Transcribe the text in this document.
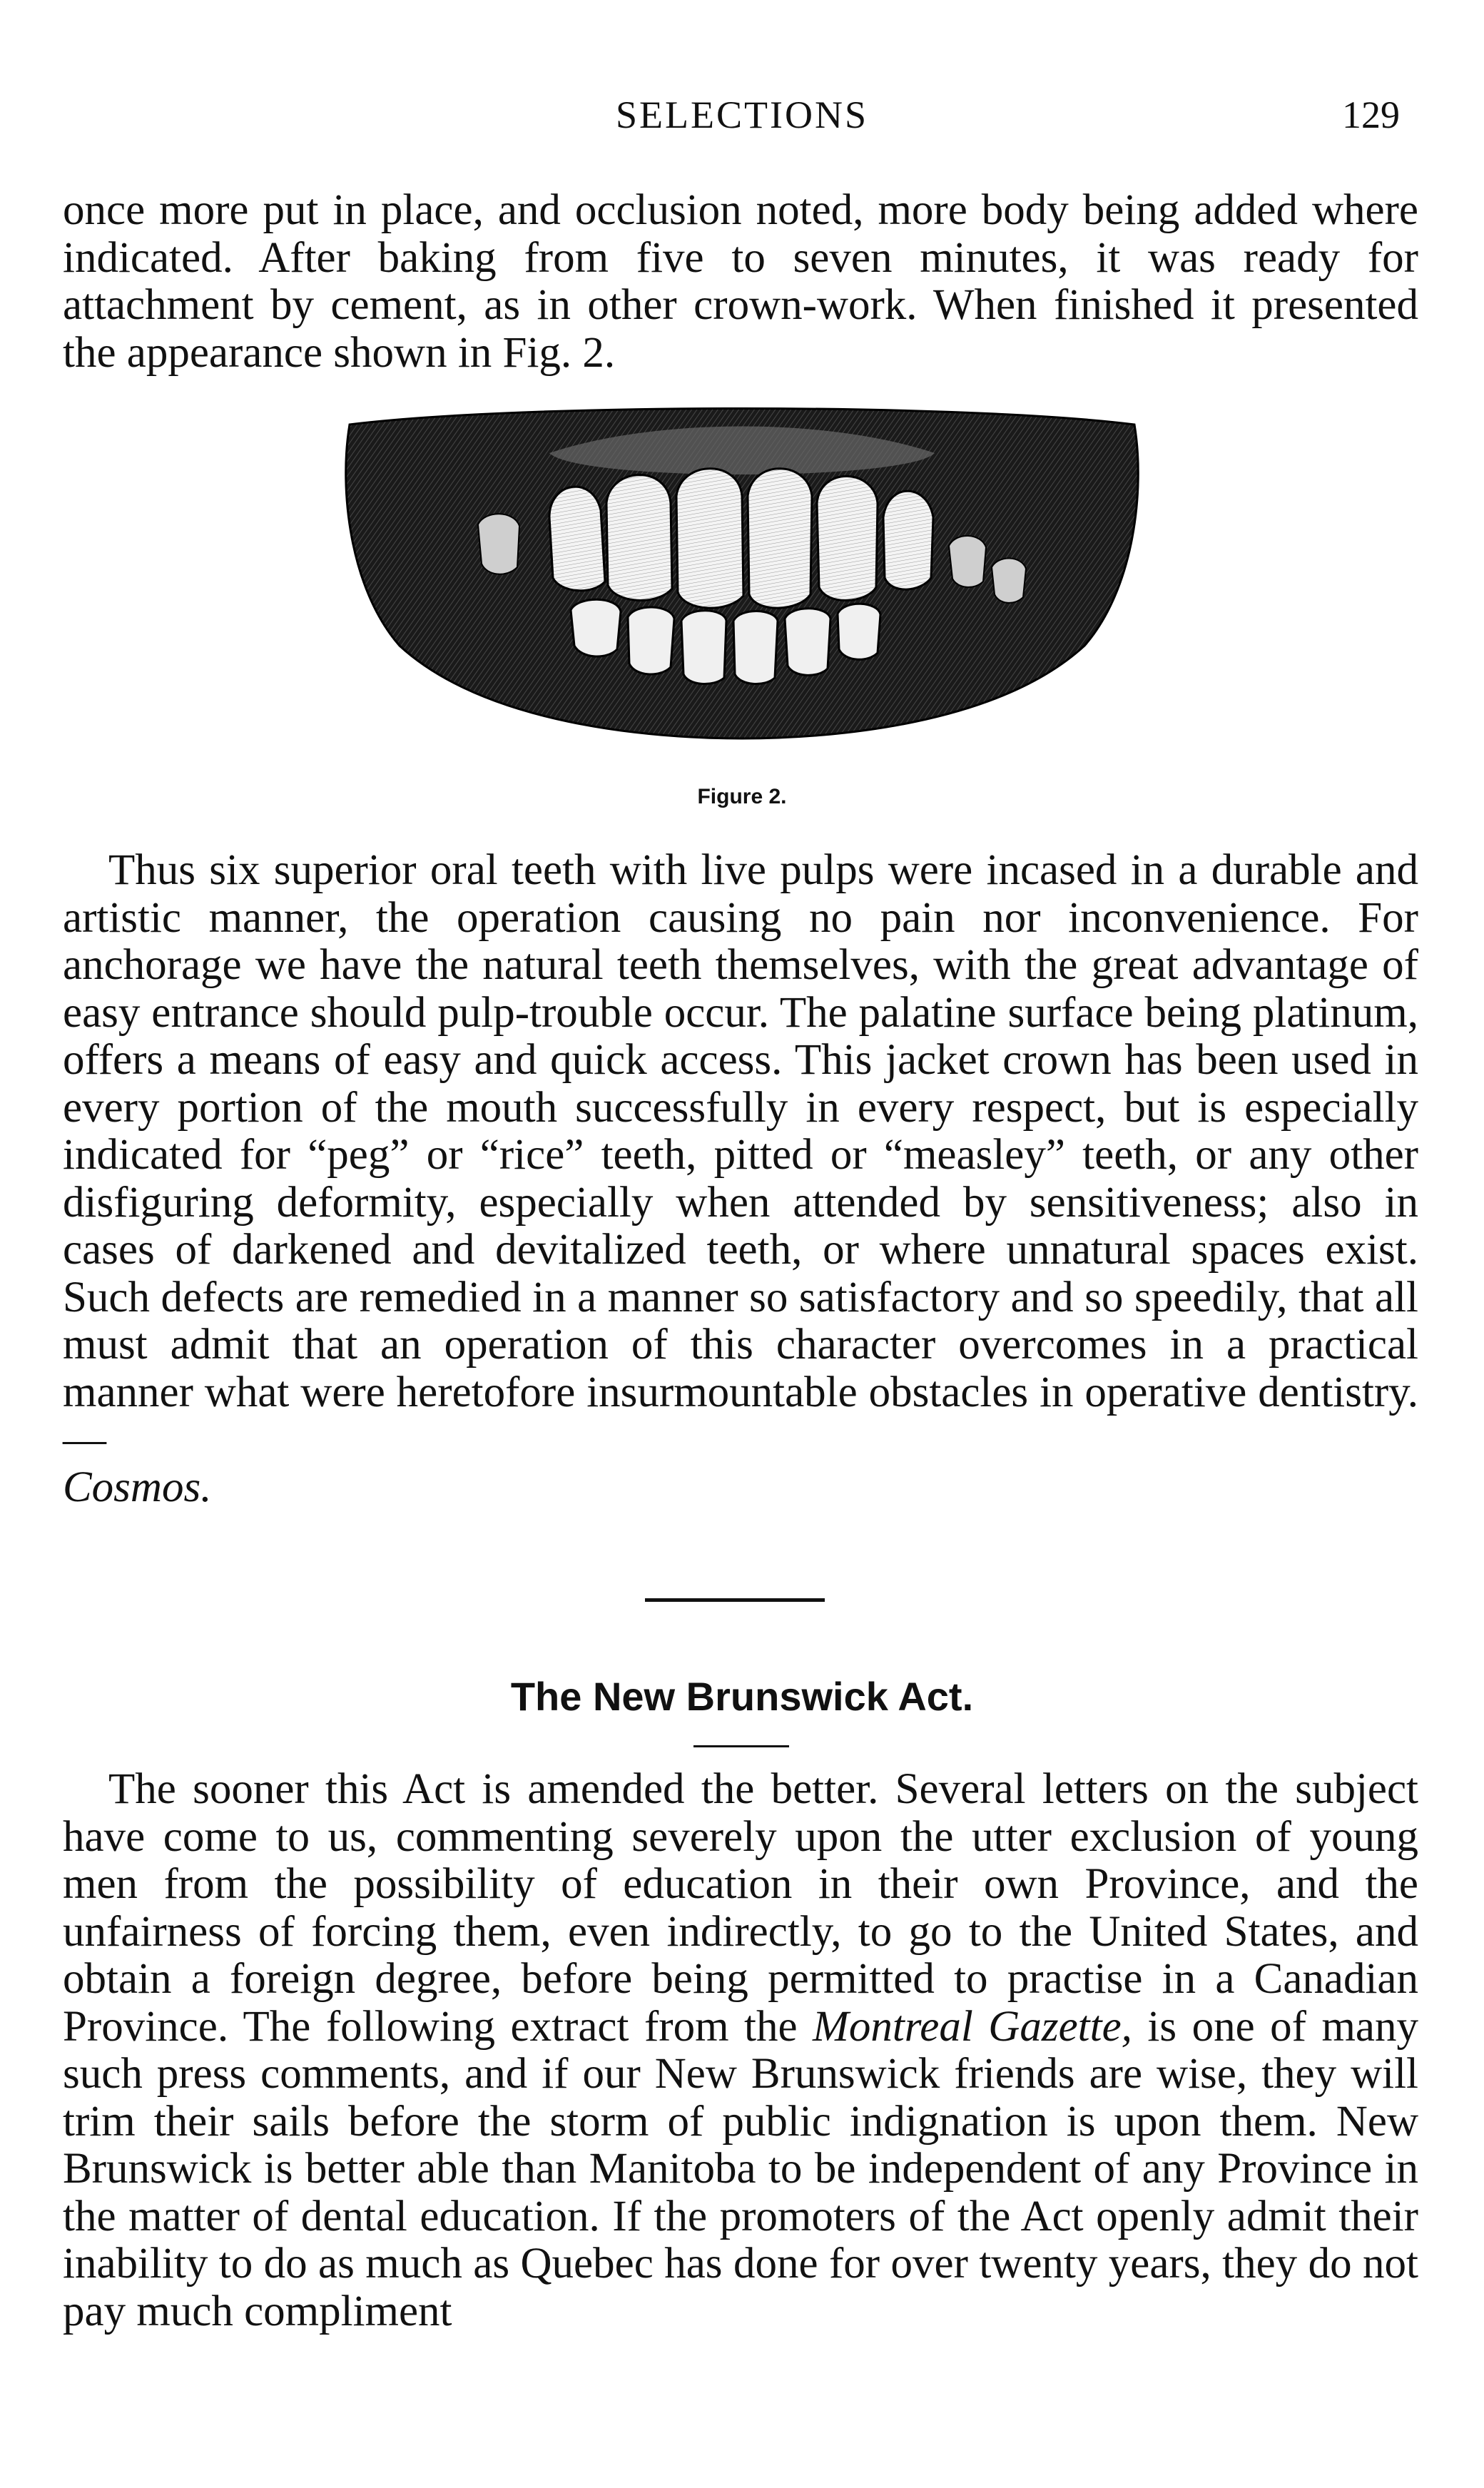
SELECTIONS	129

once more put in place, and occlusion noted, more body being added where indicated. After baking from five to seven minutes, it was ready for attachment by cement, as in other crown-work. When finished it presented the appearance shown in Fig. 2.

Figure 2.

Thus six superior oral teeth with live pulps were incased in a durable and artistic manner, the operation causing no pain nor inconvenience. For anchorage we have the natural teeth themselves, with the great advantage of easy entrance should pulp-trouble occur. The palatine surface being platinum, offers a means of easy and quick access. This jacket crown has been used in every portion of the mouth successfully in every respect, but is especially indicated for “peg” or “rice” teeth, pitted or “measley” teeth, or any other disfiguring deformity, especially when attended by sensitiveness; also in cases of darkened and devitalized teeth, or where unnatural spaces exist. Such defects are remedied in a manner so satisfactory and so speedily, that all must admit that an operation of this character overcomes in a practical manner what were heretofore insurmountable obstacles in operative dentistry.—
Cosmos.

The New Brunswick Act.

The sooner this Act is amended the better. Several letters on the subject have come to us, commenting severely upon the utter exclusion of young men from the possibility of education in their own Province, and the unfairness of forcing them, even indirectly, to go to the United States, and obtain a foreign degree, before being permitted to practise in a Canadian Province. The following extract from the Montreal Gazette, is one of many such press comments, and if our New Brunswick friends are wise, they will trim their sails before the storm of public indignation is upon them. New Brunswick is better able than Manitoba to be independent of any Province in the matter of dental education. If the promoters of the Act openly admit their inability to do as much as Quebec has done for over twenty years, they do not pay much compliment
